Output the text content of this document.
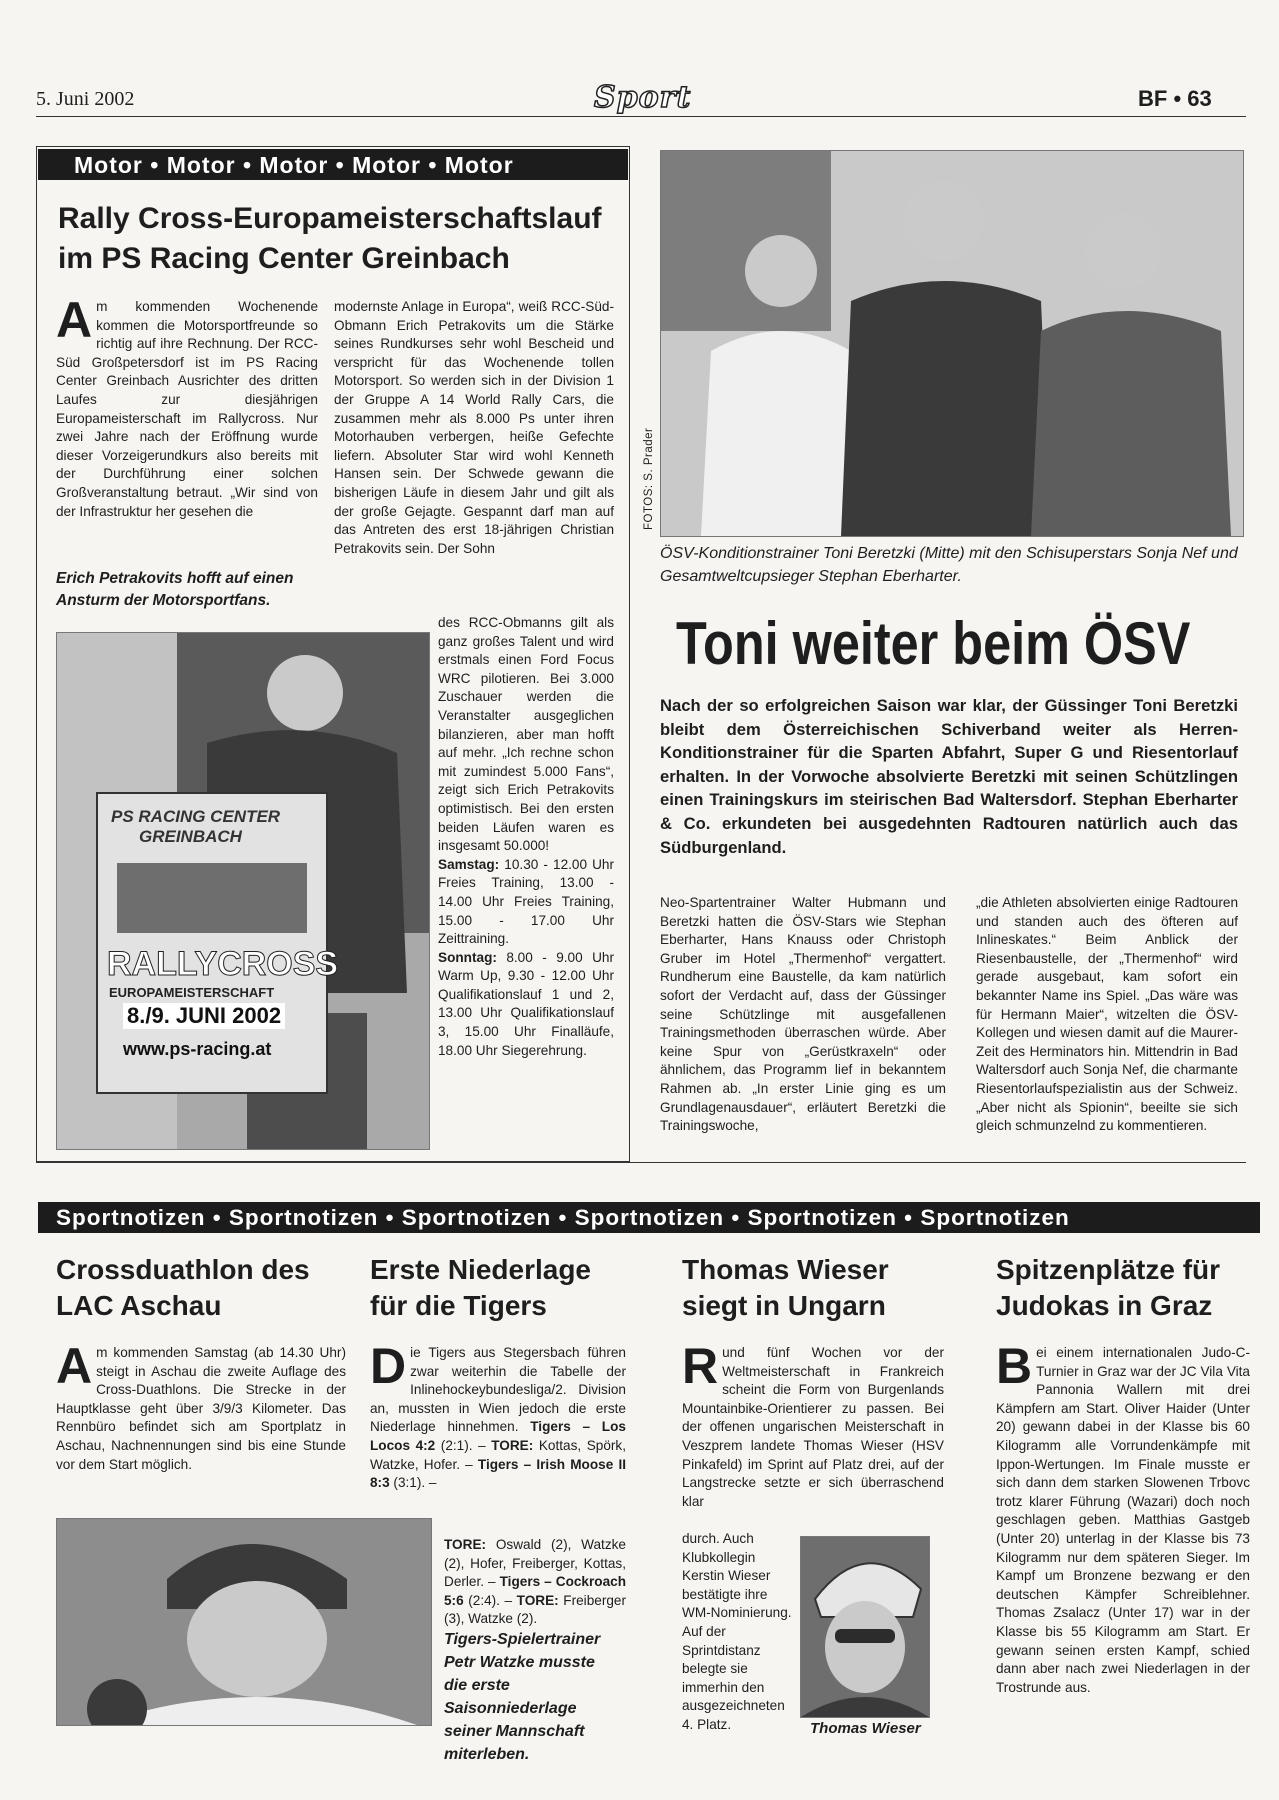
5. Juni 2002	Sport	BF • 63
Motor • Motor • Motor • Motor • Motor
Rally Cross-Europameisterschaftslauf
im PS Racing Center Greinbach
Am kommenden Wochenende kommen die Motorsportfreunde so richtig auf ihre Rechnung. Der RCC-Süd Großpetersdorf ist im PS Racing Center Greinbach Ausrichter des dritten Laufes zur diesjährigen Europameisterschaft im Rallycross. Nur zwei Jahre nach der Eröffnung wurde dieser Vorzeigerundkurs also bereits mit der Durchführung einer solchen Großveranstaltung betraut. „Wir sind von der Infrastruktur her gesehen die
Erich Petrakovits hofft auf einen Ansturm der Motorsportfans.
PS RACING CENTER
GREINBACH
RALLYCROSS
EUROPAMEISTERSCHAFT
8./9. JUNI 2002
www.ps-racing.at
modernste Anlage in Europa“, weiß RCC-Süd-Obmann Erich Petrakovits um die Stärke seines Rundkurses sehr wohl Bescheid und verspricht für das Wochenende tollen Motorsport. So werden sich in der Division 1 der Gruppe A 14 World Rally Cars, die zusammen mehr als 8.000 Ps unter ihren Motorhauben verbergen, heiße Gefechte liefern. Absoluter Star wird wohl Kenneth Hansen sein. Der Schwede gewann die bisherigen Läufe in diesem Jahr und gilt als der große Gejagte. Gespannt darf man auf das Antreten des erst 18-jährigen Christian Petrakovits sein. Der Sohn

des RCC-Obmanns gilt als ganz großes Talent und wird erstmals einen Ford Focus WRC pilotieren. Bei 3.000 Zuschauer werden die Veranstalter ausgeglichen bilanzieren, aber man hofft auf mehr. „Ich rechne schon mit zumindest 5.000 Fans“, zeigt sich Erich Petrakovits optimistisch. Bei den ersten beiden Läufen waren es insgesamt 50.000!

Samstag: 10.30 - 12.00 Uhr Freies Training, 13.00 - 14.00 Uhr Freies Training, 15.00 - 17.00 Uhr Zeittraining.

Sonntag: 8.00 - 9.00 Uhr Warm Up, 9.30 - 12.00 Uhr Qualifikationslauf 1 und 2, 13.00 Uhr Qualifikationslauf 3, 15.00 Uhr Finalläufe, 18.00 Uhr Siegerehrung.

FOTOS: S. Prader
ÖSV-Konditionstrainer Toni Beretzki (Mitte) mit den Schisuperstars Sonja Nef und Gesamtweltcupsieger Stephan Eberharter.
Toni weiter beim ÖSV
Nach der so erfolgreichen Saison war klar, der Güssinger Toni Beretzki bleibt dem Österreichischen Schiverband weiter als Herren-Konditionstrainer für die Sparten Abfahrt, Super G und Riesentorlauf erhalten. In der Vorwoche absolvierte Beretzki mit seinen Schützlingen einen Trainingskurs im steirischen Bad Waltersdorf. Stephan Eberharter & Co. erkundeten bei ausgedehnten Radtouren natürlich auch das Südburgenland.
Neo-Spartentrainer Walter Hubmann und Beretzki hatten die ÖSV-Stars wie Stephan Eberharter, Hans Knauss oder Christoph Gruber im Hotel „Thermenhof“ vergattert. Rundherum eine Baustelle, da kam natürlich sofort der Verdacht auf, dass der Güssinger seine Schützlinge mit ausgefallenen Trainingsmethoden überraschen würde. Aber keine Spur von „Gerüstkraxeln“ oder ähnlichem, das Programm lief in bekanntem Rahmen ab. „In erster Linie ging es um Grundlagenausdauer“, erläutert Beretzki die Trainingswoche,
„die Athleten absolvierten einige Radtouren und standen auch des öfteren auf Inlineskates.“ Beim Anblick der Riesenbaustelle, der „Thermenhof“ wird gerade ausgebaut, kam sofort ein bekannter Name ins Spiel. „Das wäre was für Hermann Maier“, witzelten die ÖSV-Kollegen und wiesen damit auf die Maurer-Zeit des Herminators hin. Mittendrin in Bad Waltersdorf auch Sonja Nef, die charmante Riesentorlaufspezialistin aus der Schweiz. „Aber nicht als Spionin“, beeilte sie sich gleich schmunzelnd zu kommentieren.
Sportnotizen • Sportnotizen • Sportnotizen • Sportnotizen • Sportnotizen • Sportnotizen
Crossduathlon des
LAC Aschau
Am kommenden Samstag (ab 14.30 Uhr) steigt in Aschau die zweite Auflage des Cross-Duathlons. Die Strecke in der Hauptklasse geht über 3/9/3 Kilometer. Das Rennbüro befindet sich am Sportplatz in Aschau, Nachnennungen sind bis eine Stunde vor dem Start möglich.
Erste Niederlage
für die Tigers
Die Tigers aus Stegersbach führen zwar weiterhin die Tabelle der Inlinehockeybundesliga/2. Division an, mussten in Wien jedoch die erste Niederlage hinnehmen. Tigers – Los Locos 4:2 (2:1). – TORE: Kottas, Spörk, Watzke, Hofer. – Tigers – Irish Moose II 8:3 (3:1). –
TORE: Oswald (2), Watzke (2), Hofer, Freiberger, Kottas, Derler. – Tigers – Cockroach 5:6 (2:4). – TORE: Freiberger (3), Watzke (2).
Tigers-Spielertrainer Petr Watzke musste die erste Saisonniederlage seiner Mannschaft miterleben.
Thomas Wieser
siegt in Ungarn
Rund fünf Wochen vor der Weltmeisterschaft in Frankreich scheint die Form von Burgenlands Mountainbike-Orientierer zu passen. Bei der offenen ungarischen Meisterschaft in Veszprem landete Thomas Wieser (HSV Pinkafeld) im Sprint auf Platz drei, auf der Langstrecke setzte er sich überraschend klar
durch. Auch Klubkollegin Kerstin Wieser bestätigte ihre WM-Nominierung. Auf der Sprintdistanz belegte sie immerhin den ausgezeichneten 4. Platz.	Thomas Wieser
Spitzenplätze für
Judokas in Graz
Bei einem internationalen Judo-C-Turnier in Graz war der JC Vila Vita Pannonia Wallern mit drei Kämpfern am Start. Oliver Haider (Unter 20) gewann dabei in der Klasse bis 60 Kilogramm alle Vorrundenkämpfe mit Ippon-Wertungen. Im Finale musste er sich dann dem starken Slowenen Trbovc trotz klarer Führung (Wazari) doch noch geschlagen geben. Matthias Gastgeb (Unter 20) unterlag in der Klasse bis 73 Kilogramm nur dem späteren Sieger. Im Kampf um Bronzene bezwang er den deutschen Kämpfer Schreiblehner. Thomas Zsalacz (Unter 17) war in der Klasse bis 55 Kilogramm am Start. Er gewann seinen ersten Kampf, schied dann aber nach zwei Niederlagen in der Trostrunde aus.
